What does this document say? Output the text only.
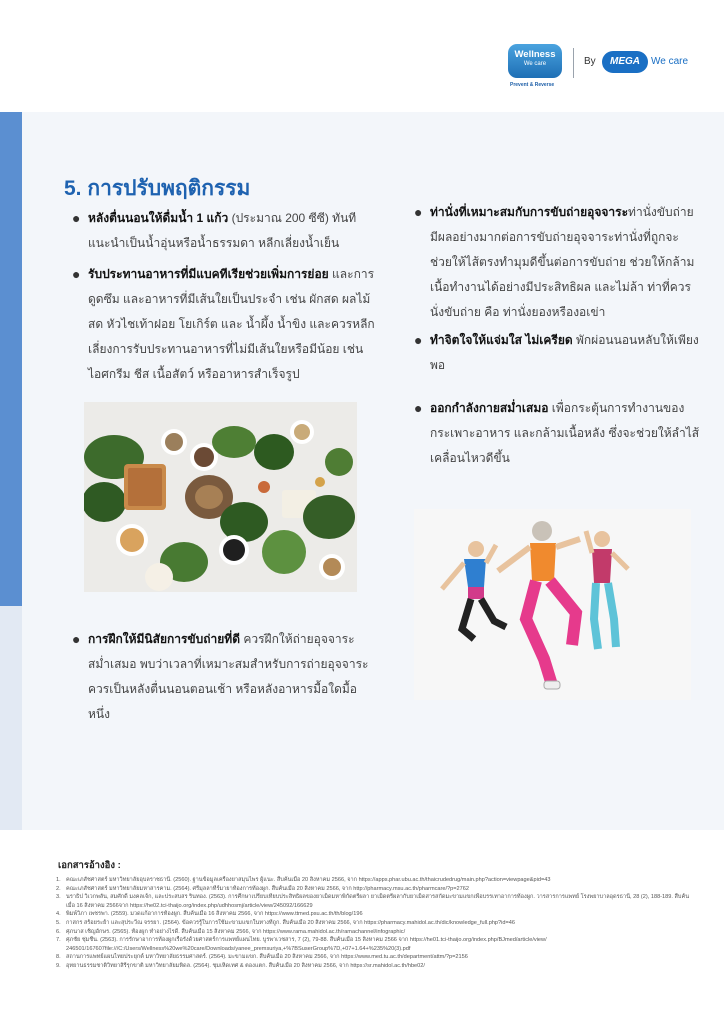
Wellness
We care
Prevent & Reverse
By	MEGA	We care
5. การปรับพฤติกรรม
● หลังตื่นนอนให้ดื่มน้ำ 1 แก้ว (ประมาณ 200 ซีซี) ทันที แนะนำเป็นน้ำอุ่นหรือน้ำธรรมดา หลีกเลี่ยงน้ำเย็น
● รับประทานอาหารที่มีแบคทีเรียช่วยเพิ่มการย่อย และการดูดซึม และอาหารที่มีเส้นใยเป็นประจำ เช่น ผักสด ผลไม้สด หัวไชเท้าฝอย โยเกิร์ต และ น้ำผึ้ง น้ำขิง และควรหลีกเลี่ยงการรับประทานอาหารที่ไม่มีเส้นใยหรือมีน้อย เช่น ไอศกรีม ชีส เนื้อสัตว์ หรืออาหารสำเร็จรูป
● การฝึกให้มีนิสัยการขับถ่ายที่ดี ควรฝึกให้ถ่ายอุจจาระสม่ำเสมอ พบว่าเวลาที่เหมาะสมสำหรับการถ่ายอุจจาระควรเป็นหลังตื่นนอนตอนเช้า หรือหลังอาหารมื้อใดมื้อหนึ่ง
● ท่านั่งที่เหมาะสมกับการขับถ่ายอุจจาระท่านั่งขับถ่ายมีผลอย่างมากต่อการขับถ่ายอุจจาระท่านั่งที่ถูกจะช่วยให้ไส้ตรงทำมุมดีขึ้นต่อการขับถ่าย ช่วยให้กล้ามเนื้อทำงานได้อย่างมีประสิทธิผล และไม่ล้า ท่าที่ควรนั่งขับถ่าย คือ ท่านั่งยองหรืองอเข่า
● ทำจิตใจให้แจ่มใส ไม่เครียด พักผ่อนนอนหลับให้เพียงพอ
● ออกกำลังกายสม่ำเสมอ เพื่อกระตุ้นการทำงานของกระเพาะอาหาร และกล้ามเนื้อหลัง ซึ่งจะช่วยให้ลำไส้เคลื่อนไหวดีขึ้น
เอกสารอ้างอิง :
1. คณะเภสัชศาสตร์ มหาวิทยาลัยอุบลราชธานี. (2560). ฐานข้อมูลเครื่องยาสมุนไพร ผู้แนะ. สืบค้นเมื่อ 20 สิงหาคม 2566, จาก https://apps.phar.ubu.ac.th/thaicrudedrug/main.php?action=viewpage&pid=43
2. คณะเภสัชศาสตร์ มหาวิทยาลัยมหาสารคาม. (2564). ศรีมุลลาทีร์มายาท้องการท้องผูก. สืบค้นเมื่อ 20 สิงหาคม 2566, จาก http://pharmacy.msu.ac.th/pharmcare/?p=2762
3. นราธิป วิเวกพลัน, สมศักดิ์ มงคลเจ้ก, และประสบสร รินทอง. (2563). การศึกษาเปรียบเทียบประสิทธิผลของยาเม็ดมหาพิกัดตรีผลา ยาเม็ดตรีผลากับยาเม็ดสารสกัดมะขามแขกเพื่อบรรเทาอาการท้องผูก. วารสารการแพทย์ โรงพยาบาลอุดรธานี, 28 (2), 188-189. สืบค้นเมื่อ 16 สิงหาคม 2566จาก https://he02.tci-thaijo.org/index.php/udhhosmj/article/view/245092/166629
4. พิมพ์วิภา เพชรพา. (2559). มวดแก้อาการท้องผูก. สืบค้นเมื่อ 16 สิงหาคม 2566, จาก https://www.ttmed.psu.ac.th/th/blog/196
5. กาสกร สร้อยระย้า และสุประวีณ จรรยา. (2564). ข้อควรรู้ในการใช้มะขามแขกในทางที่ถูก. สืบค้นเมื่อ 20 สิงหาคม 2566, จาก https://pharmacy.mahidol.ac.th/dic/knowledge_full.php?id=46
6. ศุภนาส เชิญอักษร. (2565). ท้องผูก ทำอย่างไรดี. สืบค้นเมื่อ 15 สิงหาคม 2566, จาก https://www.rama.mahidol.ac.th/ramachannel/infographic/
7. ศุภชัย ชุ่มชื่น. (2563). การรักษาอาการท้องผูกเรื้อรังด้วยศาสตร์การแพทย์แผนไทย. บูรพาเวชสาร, 7 (2), 79-88. สืบค้นเมื่อ 15 สิงหาคม 2566 จาก https://he01.tci-thaijo.org/index.php/BJmed/article/view/ 246501/167607file:///C:/Users/Wellness%20we%20care/Downloads/yanee_premsuriya,+%7BSuserGroup%7D,+07+1.64+%235%20(3).pdf
8. สถานการแพทย์แผนไทยประยุกต์ มหาวิทยาลัยธรรมศาสตร์. (2564). มะขามแขก. สืบค้นเมื่อ 20 สิงหาคม 2566, จาก https://www.med.tu.ac.th/department/attm/?p=2156
9. อุทยานธรรมชาติวิทยาสิรีรุกขาติ มหาวิทยาลัยมหิดล. (2564). ชุมเห็ดเทศ & ตองแตก. สืบค้นเมื่อ 20 สิงหาคม 2566, จาก https://sr.mahidol.ac.th/hbe02/
